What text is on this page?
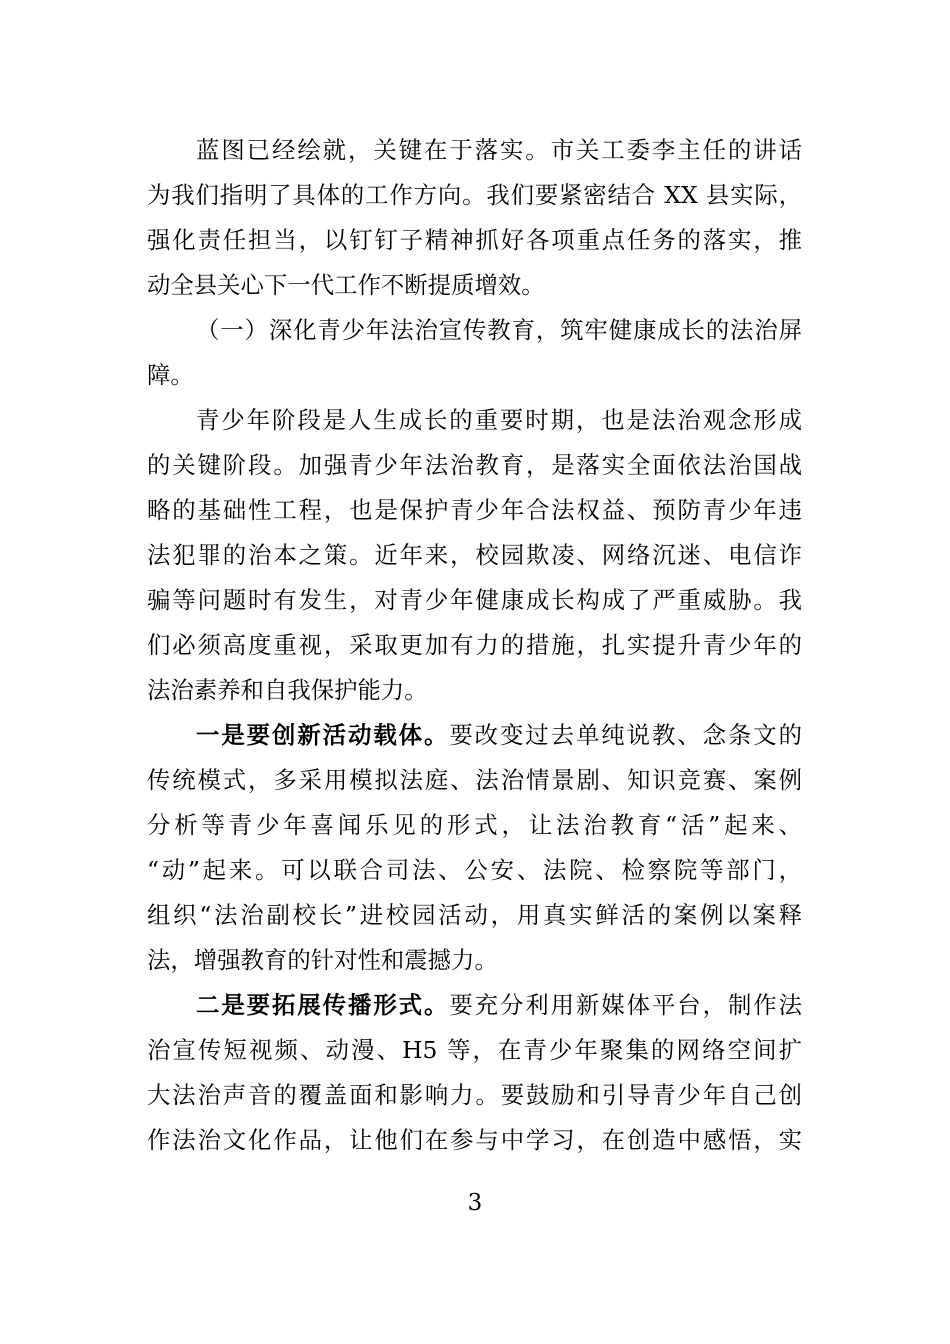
蓝图已经绘就，关键在于落实。市关工委李主任的讲话
为我们指明了具体的工作方向。我们要紧密结合 XX 县实际，
强化责任担当，以钉钉子精神抓好各项重点任务的落实，推
动全县关心下一代工作不断提质增效。
（一）深化青少年法治宣传教育，筑牢健康成长的法治屏
障。
青少年阶段是人生成长的重要时期，也是法治观念形成
的关键阶段。加强青少年法治教育，是落实全面依法治国战
略的基础性工程，也是保护青少年合法权益、预防青少年违
法犯罪的治本之策。近年来，校园欺凌、网络沉迷、电信诈
骗等问题时有发生，对青少年健康成长构成了严重威胁。我
们必须高度重视，采取更加有力的措施，扎实提升青少年的
法治素养和自我保护能力。
一是要创新活动载体。要改变过去单纯说教、念条文的
传统模式，多采用模拟法庭、法治情景剧、知识竞赛、案例
分析等青少年喜闻乐见的形式，让法治教育“活”起来、
“动”起来。可以联合司法、公安、法院、检察院等部门，
组织“法治副校长”进校园活动，用真实鲜活的案例以案释
法，增强教育的针对性和震撼力。
二是要拓展传播形式。要充分利用新媒体平台，制作法
治宣传短视频、动漫、H5 等，在青少年聚集的网络空间扩
大法治声音的覆盖面和影响力。要鼓励和引导青少年自己创
作法治文化作品，让他们在参与中学习，在创造中感悟，实
3
